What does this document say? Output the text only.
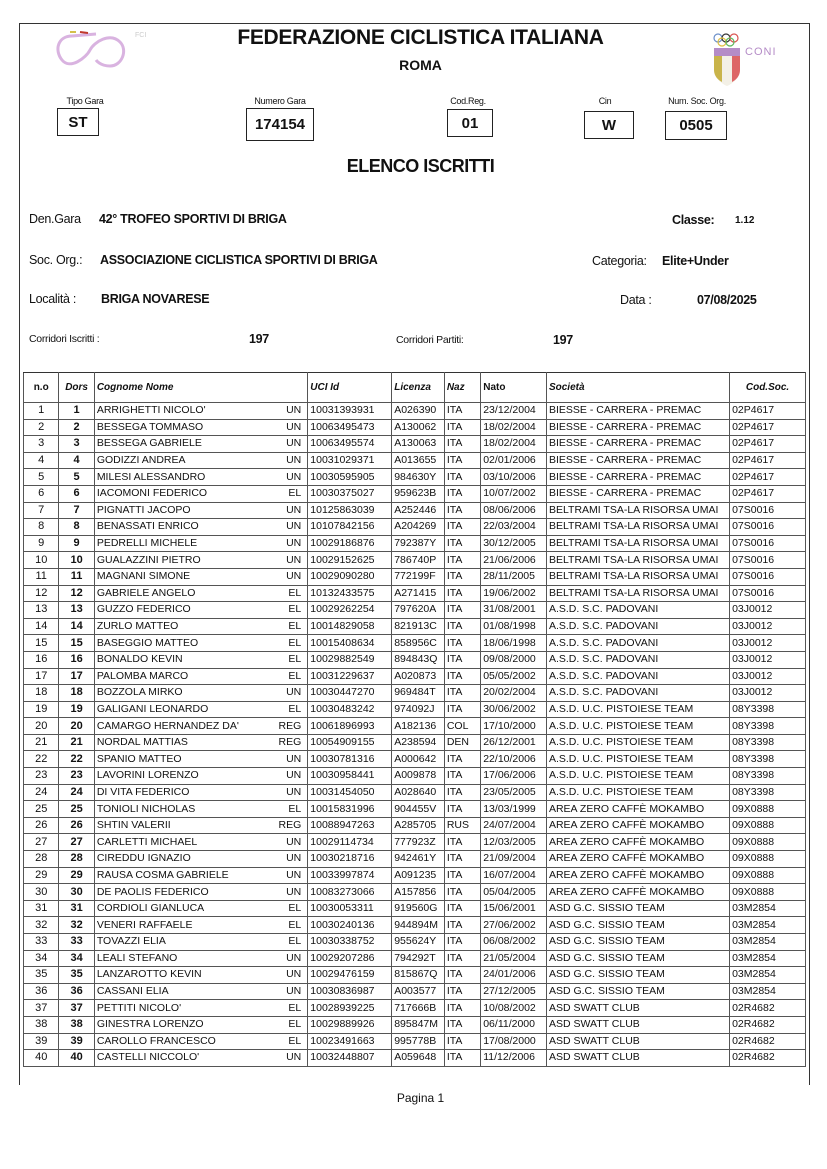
FCI	FEDERAZIONE CICLISTICA ITALIANA
ROMA
CONI
Tipo Gara
ST
Numero Gara
174154
Cod.Reg.
01
Cin
W
Num. Soc. Org.
0505
ELENCO ISCRITTI
Den.Gara 42° TROFEO SPORTIVI DI BRIGA	Classe: 1.12
Soc. Org.: ASSOCIAZIONE CICLISTICA SPORTIVI DI BRIGA	Categoria: Elite+Under
Località : BRIGA NOVARESE	Data :	07/08/2025
Corridori Iscritti :	197	Corridori Partiti:	197
n.o	Dors	Cognome Nome		UCI Id	Licenza	Naz	Nato	Società	Cod.Soc.
1	1	ARRIGHETTI NICOLO'	UN	10031393931	A026390	ITA	23/12/2004	BIESSE - CARRERA - PREMAC	02P4617
2	2	BESSEGA TOMMASO	UN	10063495473	A130062	ITA	18/02/2004	BIESSE - CARRERA - PREMAC	02P4617
3	3	BESSEGA GABRIELE	UN	10063495574	A130063	ITA	18/02/2004	BIESSE - CARRERA - PREMAC	02P4617
4	4	GODIZZI ANDREA	UN	10031029371	A013655	ITA	02/01/2006	BIESSE - CARRERA - PREMAC	02P4617
5	5	MILESI ALESSANDRO	UN	10030595905	984630Y	ITA	03/10/2006	BIESSE - CARRERA - PREMAC	02P4617
6	6	IACOMONI FEDERICO	EL	10030375027	959623B	ITA	10/07/2002	BIESSE - CARRERA - PREMAC	02P4617
7	7	PIGNATTI JACOPO	UN	10125863039	A252446	ITA	08/06/2006	BELTRAMI TSA-LA RISORSA UMAI	07S0016
8	8	BENASSATI ENRICO	UN	10107842156	A204269	ITA	22/03/2004	BELTRAMI TSA-LA RISORSA UMAI	07S0016
9	9	PEDRELLI MICHELE	UN	10029186876	792387Y	ITA	30/12/2005	BELTRAMI TSA-LA RISORSA UMAI	07S0016
10	10	GUALAZZINI PIETRO	UN	10029152625	786740P	ITA	21/06/2006	BELTRAMI TSA-LA RISORSA UMAI	07S0016
11	11	MAGNANI SIMONE	UN	10029090280	772199F	ITA	28/11/2005	BELTRAMI TSA-LA RISORSA UMAI	07S0016
12	12	GABRIELE ANGELO	EL	10132433575	A271415	ITA	19/06/2002	BELTRAMI TSA-LA RISORSA UMAI	07S0016
13	13	GUZZO FEDERICO	EL	10029262254	797620A	ITA	31/08/2001	A.S.D. S.C. PADOVANI	03J0012
14	14	ZURLO MATTEO	EL	10014829058	821913C	ITA	01/08/1998	A.S.D. S.C. PADOVANI	03J0012
15	15	BASEGGIO MATTEO	EL	10015408634	858956C	ITA	18/06/1998	A.S.D. S.C. PADOVANI	03J0012
16	16	BONALDO KEVIN	EL	10029882549	894843Q	ITA	09/08/2000	A.S.D. S.C. PADOVANI	03J0012
17	17	PALOMBA MARCO	EL	10031229637	A020873	ITA	05/05/2002	A.S.D. S.C. PADOVANI	03J0012
18	18	BOZZOLA MIRKO	UN	10030447270	969484T	ITA	20/02/2004	A.S.D. S.C. PADOVANI	03J0012
19	19	GALIGANI LEONARDO	EL	10030483242	974092J	ITA	30/06/2002	A.S.D. U.C. PISTOIESE TEAM	08Y3398
20	20	CAMARGO HERNANDEZ DA'	REG	10061896993	A182136	COL	17/10/2000	A.S.D. U.C. PISTOIESE TEAM	08Y3398
21	21	NORDAL MATTIAS	REG	10054909155	A238594	DEN	26/12/2001	A.S.D. U.C. PISTOIESE TEAM	08Y3398
22	22	SPANIO MATTEO	UN	10030781316	A000642	ITA	22/10/2006	A.S.D. U.C. PISTOIESE TEAM	08Y3398
23	23	LAVORINI LORENZO	UN	10030958441	A009878	ITA	17/06/2006	A.S.D. U.C. PISTOIESE TEAM	08Y3398
24	24	DI VITA FEDERICO	UN	10031454050	A028640	ITA	23/05/2005	A.S.D. U.C. PISTOIESE TEAM	08Y3398
25	25	TONIOLI NICHOLAS	EL	10015831996	904455V	ITA	13/03/1999	AREA ZERO CAFFÈ MOKAMBO	09X0888
26	26	SHTIN VALERII	REG	10088947263	A285705	RUS	24/07/2004	AREA ZERO CAFFÈ MOKAMBO	09X0888
27	27	CARLETTI MICHAEL	UN	10029114734	777923Z	ITA	12/03/2005	AREA ZERO CAFFÈ MOKAMBO	09X0888
28	28	CIREDDU IGNAZIO	UN	10030218716	942461Y	ITA	21/09/2004	AREA ZERO CAFFÈ MOKAMBO	09X0888
29	29	RAUSA COSMA GABRIELE	UN	10033997874	A091235	ITA	16/07/2004	AREA ZERO CAFFÈ MOKAMBO	09X0888
30	30	DE PAOLIS FEDERICO	UN	10083273066	A157856	ITA	05/04/2005	AREA ZERO CAFFÈ MOKAMBO	09X0888
31	31	CORDIOLI GIANLUCA	EL	10030053311	919560G	ITA	15/06/2001	ASD G.C. SISSIO TEAM	03M2854
32	32	VENERI RAFFAELE	EL	10030240136	944894M	ITA	27/06/2002	ASD G.C. SISSIO TEAM	03M2854
33	33	TOVAZZI ELIA	EL	10030338752	955624Y	ITA	06/08/2002	ASD G.C. SISSIO TEAM	03M2854
34	34	LEALI STEFANO	UN	10029207286	794292T	ITA	21/05/2004	ASD G.C. SISSIO TEAM	03M2854
35	35	LANZAROTTO KEVIN	UN	10029476159	815867Q	ITA	24/01/2006	ASD G.C. SISSIO TEAM	03M2854
36	36	CASSANI ELIA	UN	10030836987	A003577	ITA	27/12/2005	ASD G.C. SISSIO TEAM	03M2854
37	37	PETTITI NICOLO'	EL	10028939225	717666B	ITA	10/08/2002	ASD SWATT CLUB	02R4682
38	38	GINESTRA LORENZO	EL	10029889926	895847M	ITA	06/11/2000	ASD SWATT CLUB	02R4682
39	39	CAROLLO FRANCESCO	EL	10023491663	995778B	ITA	17/08/2000	ASD SWATT CLUB	02R4682
40	40	CASTELLI NICCOLO'	UN	10032448807	A059648	ITA	11/12/2006	ASD SWATT CLUB	02R4682
Pagina 1
